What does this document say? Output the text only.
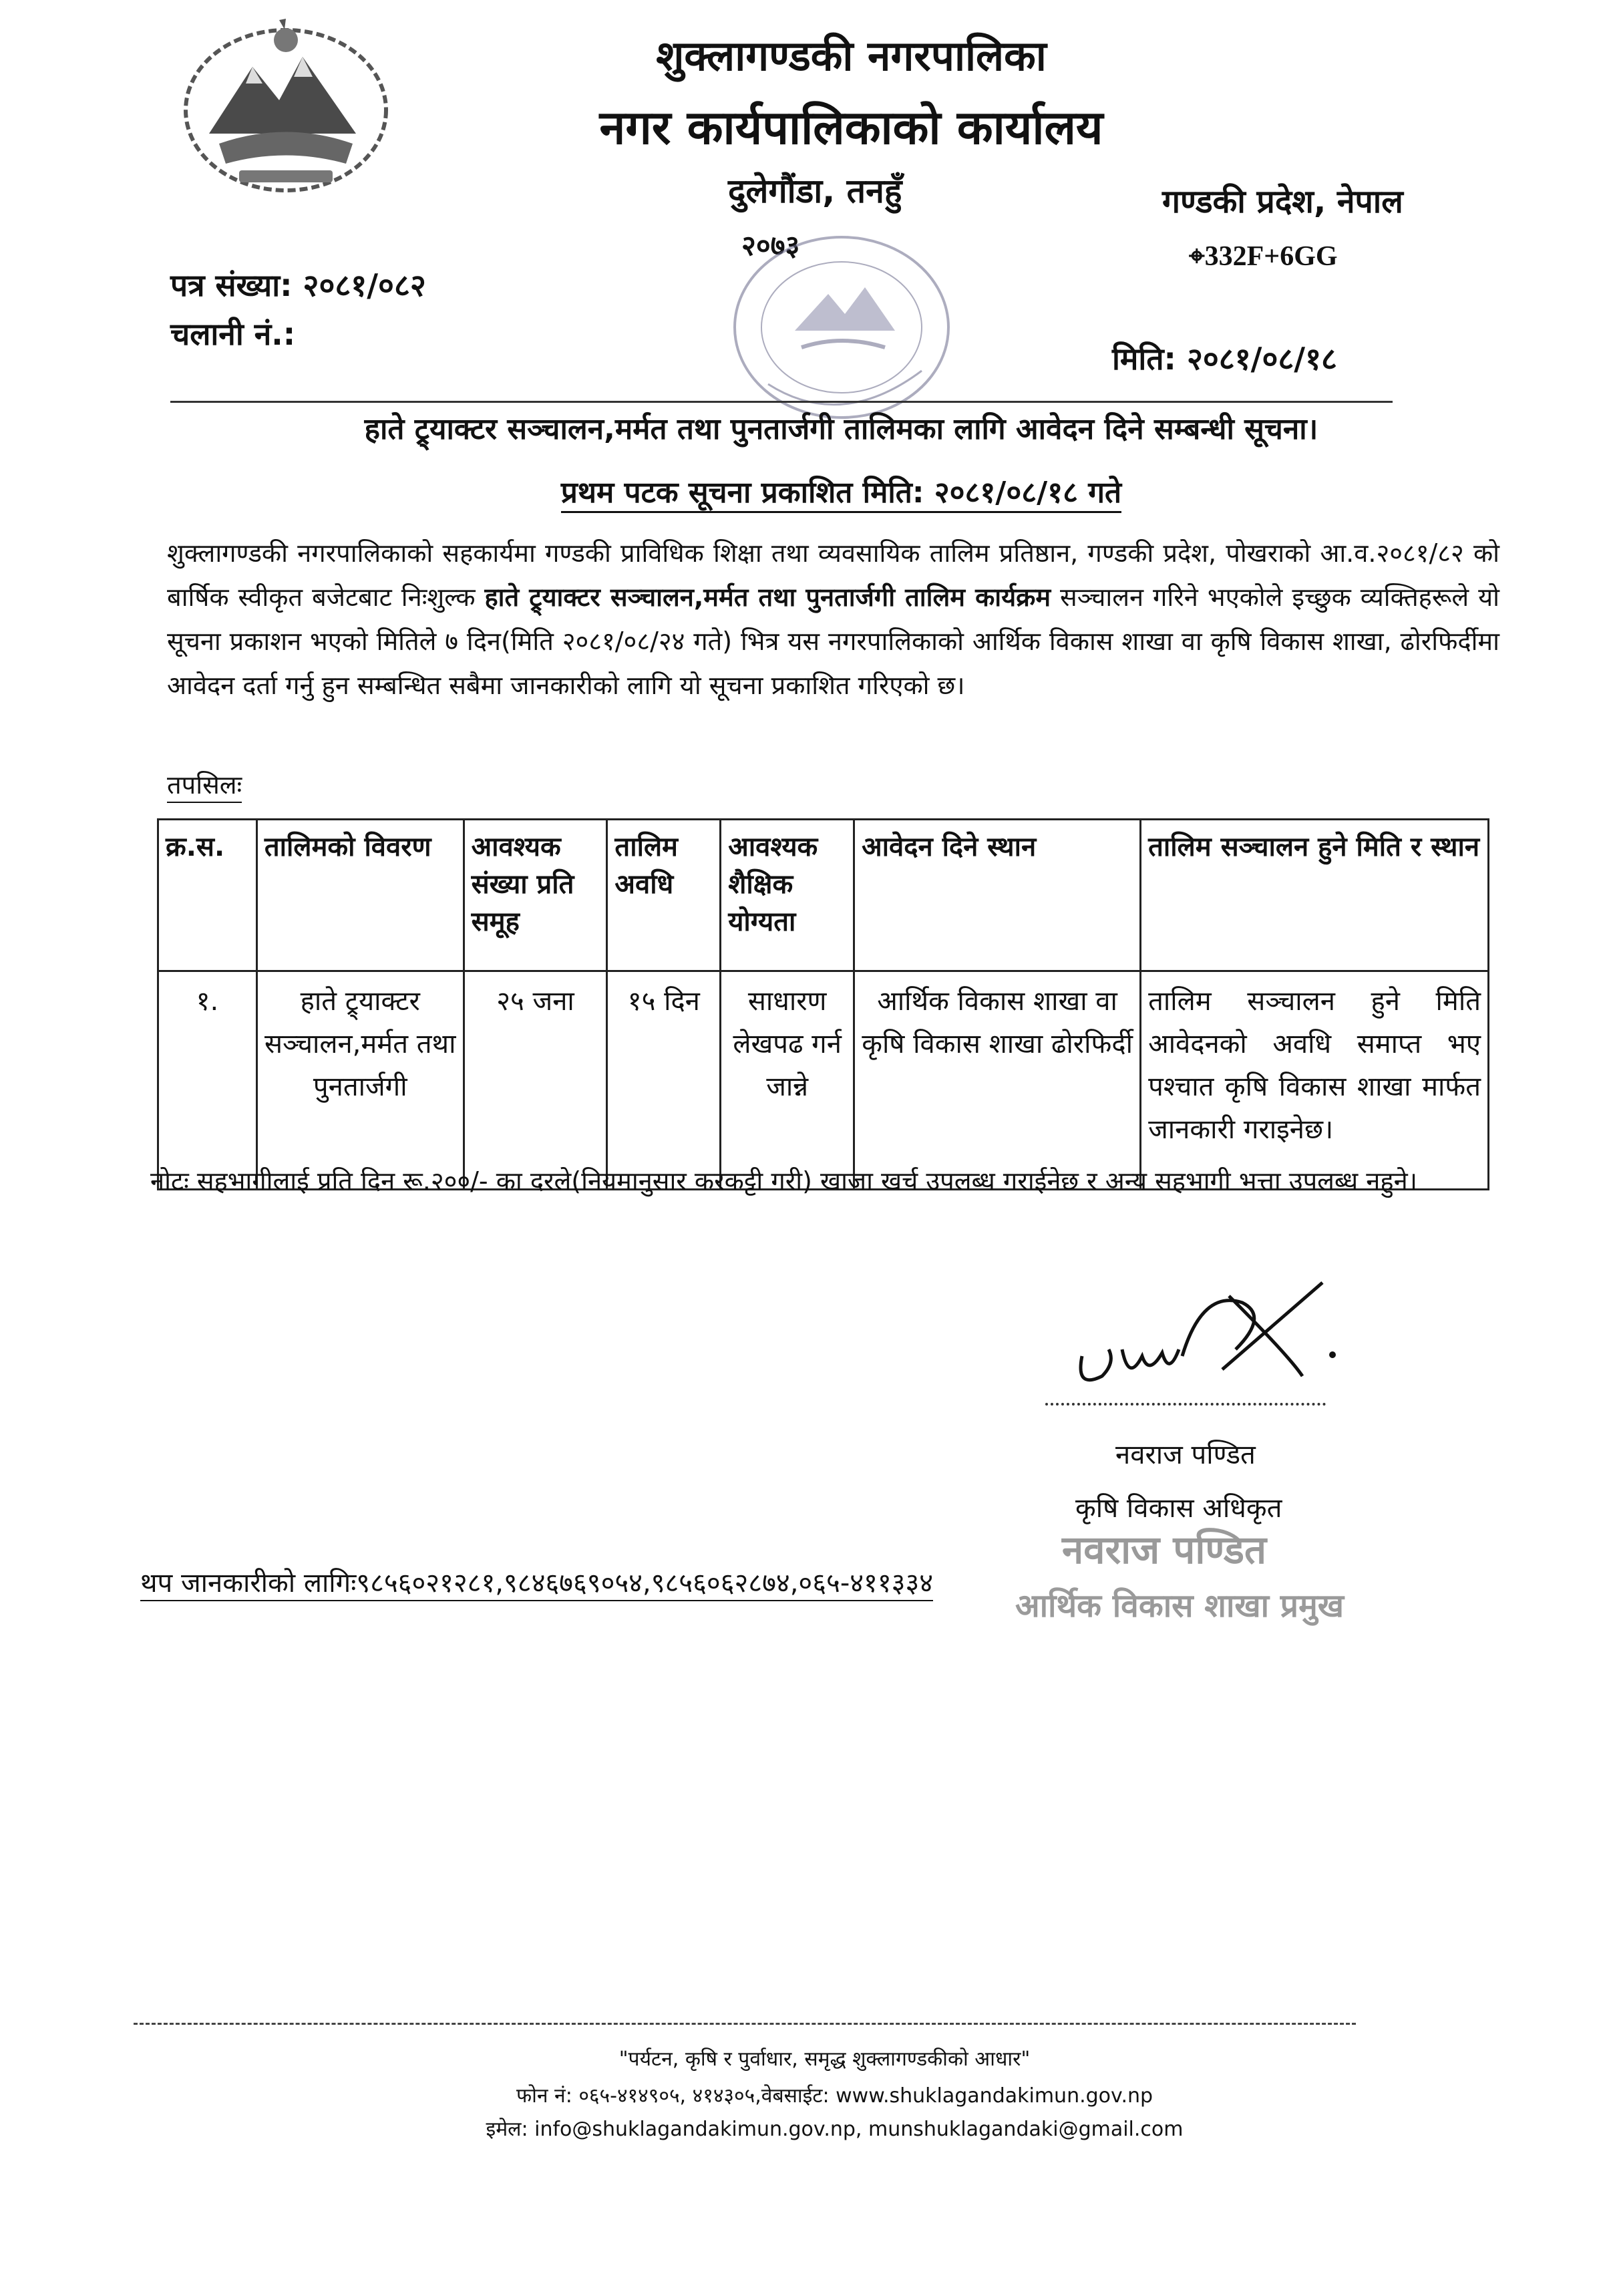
शुक्लागण्डकी नगरपालिका
नगर कार्यपालिकाको कार्यालय
दुलेगौंडा, तनहुँ	गण्डकी प्रदेश, नेपाल
२०७३	⌖332F+6GG
पत्र संख्या: २०८१/०८२
चलानी नं.:
मिति: २०८१/०८/१८
हाते ट्र्याक्टर सञ्चालन,मर्मत तथा पुनतार्जगी तालिमका लागि आवेदन दिने सम्बन्धी सूचना।
प्रथम पटक सूचना प्रकाशित मिति: २०८१/०८/१८ गते
शुक्लागण्डकी नगरपालिकाको सहकार्यमा गण्डकी प्राविधिक शिक्षा तथा व्यवसायिक तालिम प्रतिष्ठान, गण्डकी प्रदेश, पोखराको आ.व.२०८१/८२ को बार्षिक स्वीकृत बजेटबाट निःशुल्क हाते ट्र्याक्टर सञ्चालन,मर्मत तथा पुनतार्जगी तालिम कार्यक्रम सञ्चालन गरिने भएकोले इच्छुक व्यक्तिहरूले यो सूचना प्रकाशन भएको मितिले ७ दिन(मिति २०८१/०८/२४ गते) भित्र यस नगरपालिकाको आर्थिक विकास शाखा वा कृषि विकास शाखा, ढोरफिर्दीमा आवेदन दर्ता गर्नु हुन सम्बन्धित सबैमा जानकारीको लागि यो सूचना प्रकाशित गरिएको छ।
तपसिलः
क्र.स.	तालिमको विवरण	आवश्यक संख्या प्रति समूह	तालिम अवधि	आवश्यक शैक्षिक योग्यता	आवेदन दिने स्थान	तालिम सञ्चालन हुने मिति र स्थान
१.	हाते ट्र्याक्टर सञ्चालन,मर्मत तथा पुनतार्जगी	२५ जना	१५ दिन	साधारण लेखपढ गर्न जान्ने	आर्थिक विकास शाखा वा कृषि विकास शाखा ढोरफिर्दी	तालिम सञ्चालन हुने मिति आवेदनको अवधि समाप्त भए पश्चात कृषि विकास शाखा मार्फत जानकारी गराइनेछ।
नोटः सहभागीलाई प्रति दिन रू.२००/- का दरले(नियमानुसार करकट्टी गरी) खाजा खर्च उपलब्ध गराईनेछ र अन्य सहभागी भत्ता उपलब्ध नहुने।
नवराज पण्डित
कृषि विकास अधिकृत
नवराज पण्डित
आर्थिक विकास शाखा प्रमुख
थप जानकारीको लागिः९८५६०२१२८१,९८४६७६९०५४,९८५६०६२८७४,०६५-४११३३४
"पर्यटन, कृषि र पुर्वाधार, समृद्ध शुक्लागण्डकीको आधार"
फोन नं: ०६५-४१४९०५, ४१४३०५,वेबसाईट: www.shuklagandakimun.gov.np
इमेल: info@shuklagandakimun.gov.np, munshuklagandaki@gmail.com
